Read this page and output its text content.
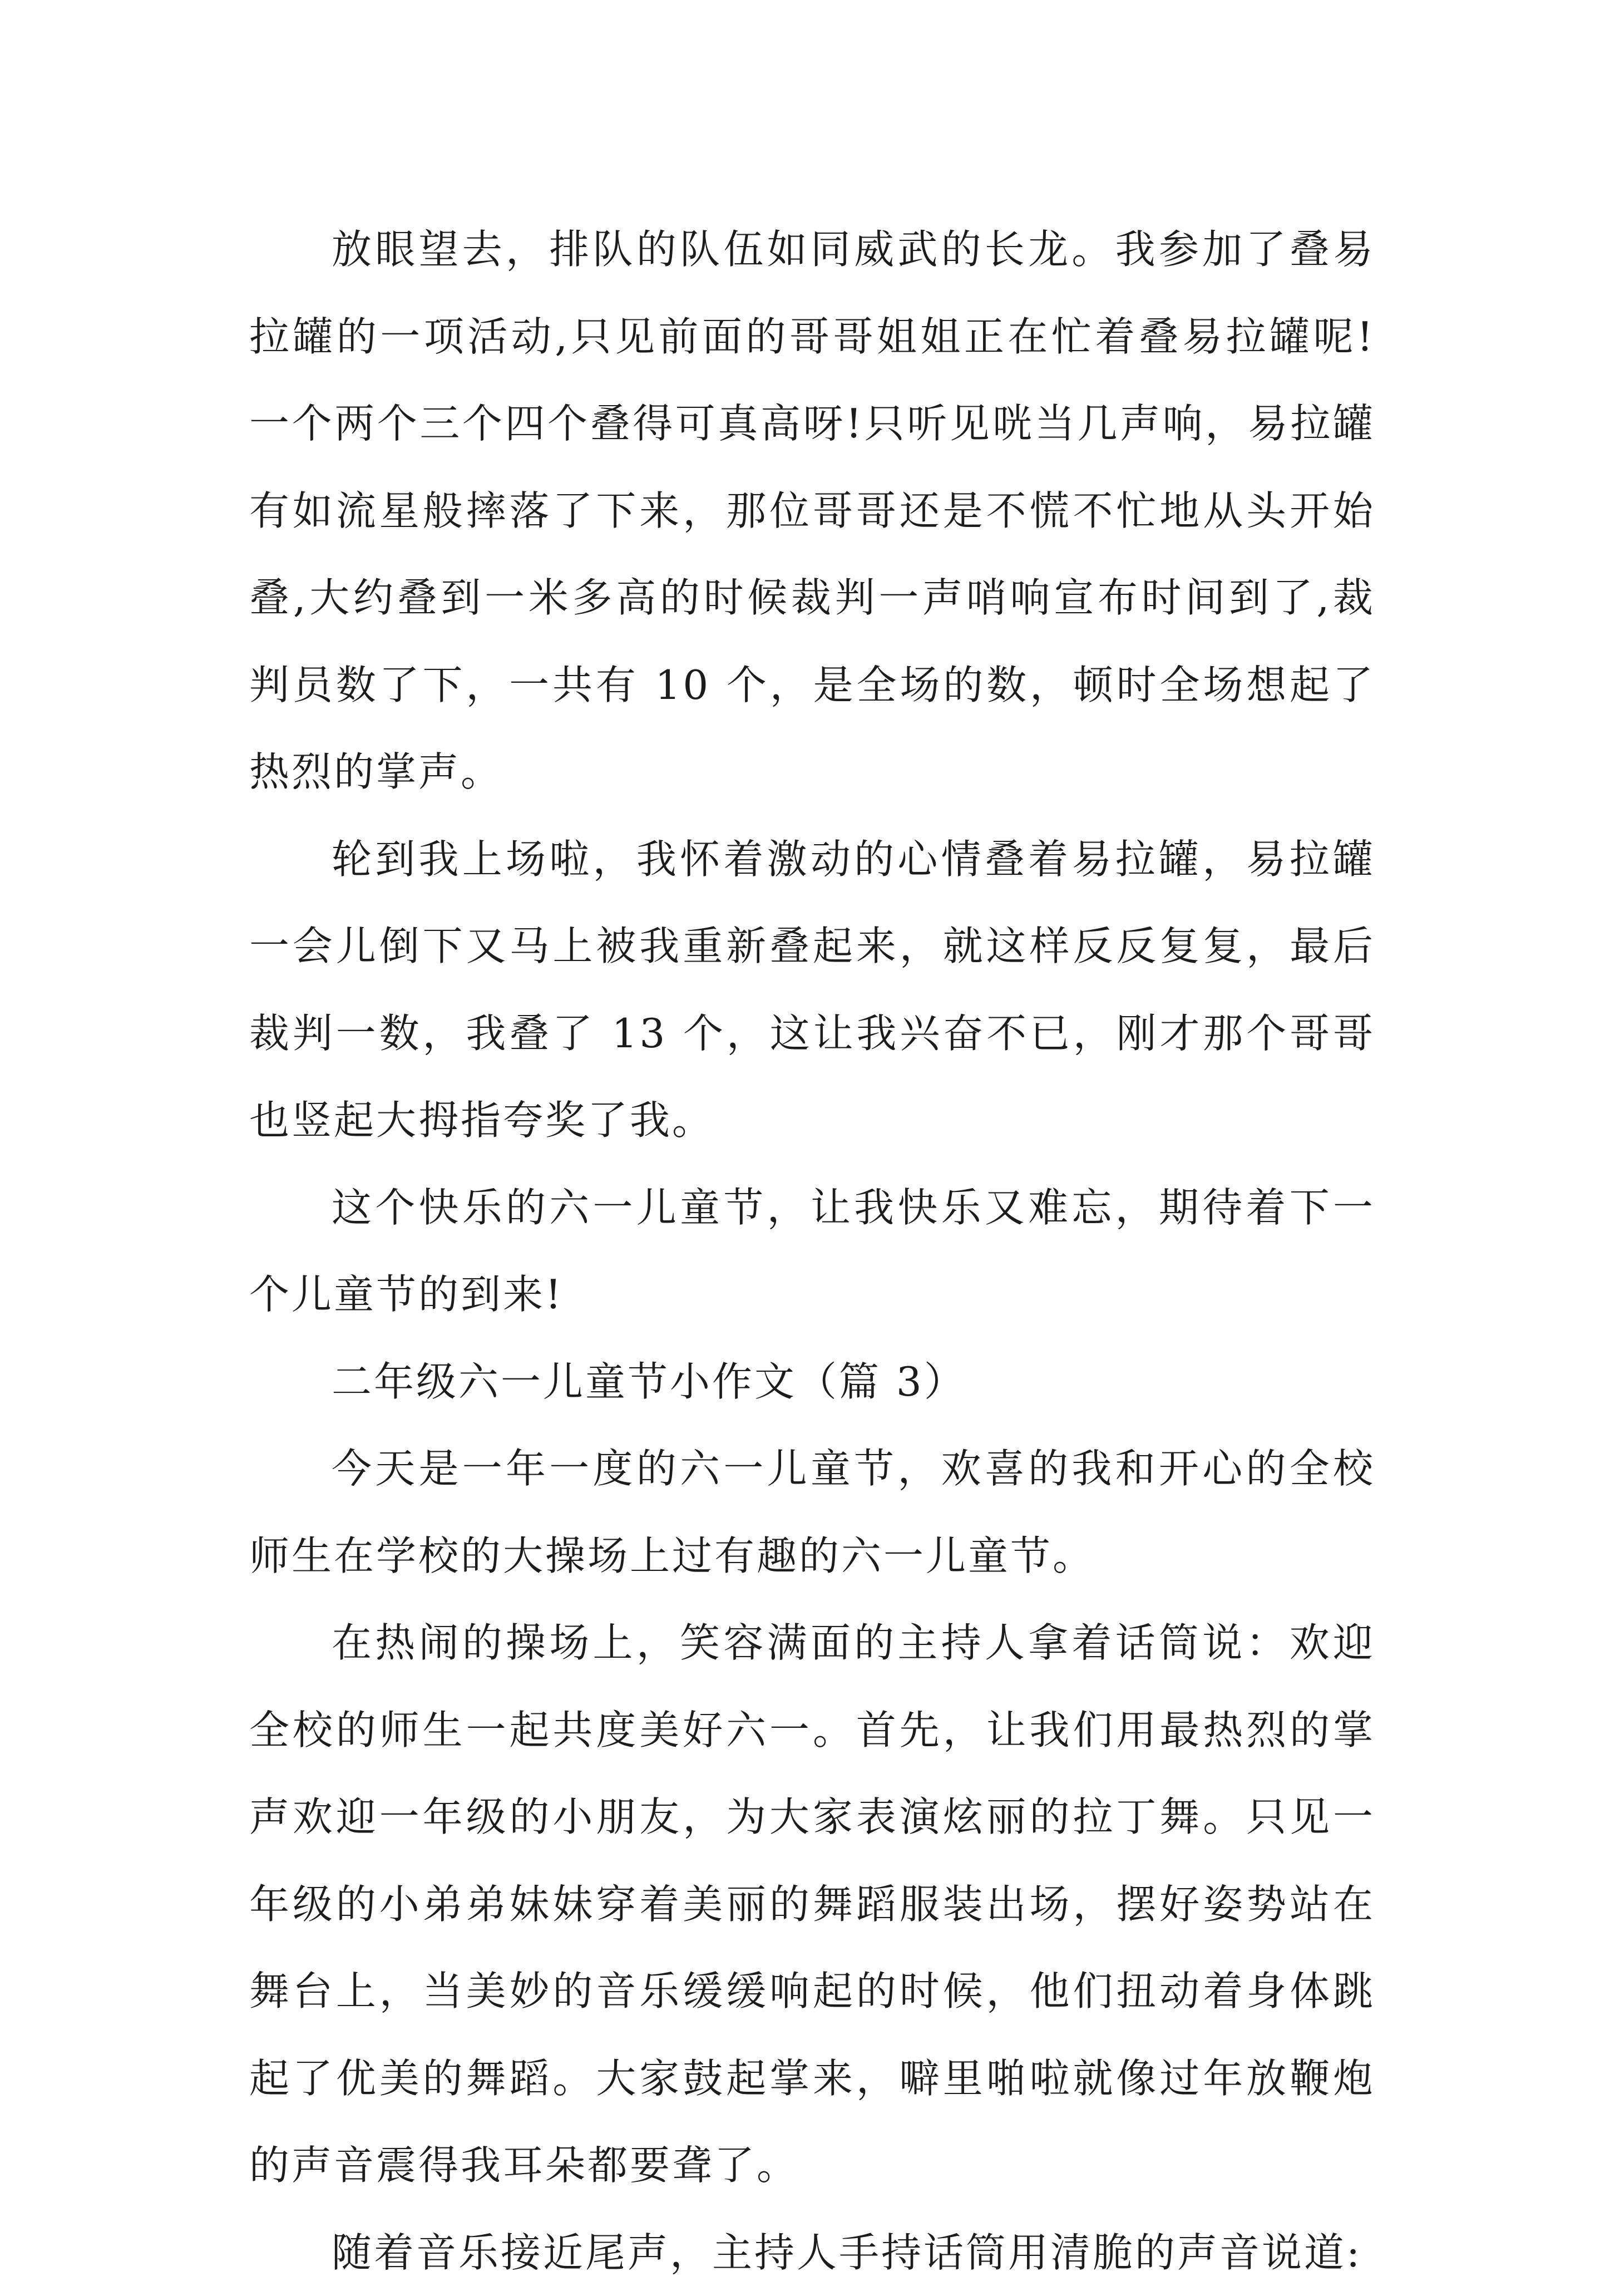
放眼望去，排队的队伍如同威武的长龙。我参加了叠易拉罐的一项活动,只见前面的哥哥姐姐正在忙着叠易拉罐呢!一个两个三个四个叠得可真高呀!只听见咣当几声响，易拉罐有如流星般摔落了下来，那位哥哥还是不慌不忙地从头开始叠,大约叠到一米多高的时候裁判一声哨响宣布时间到了,裁判员数了下，一共有 10 个，是全场的数，顿时全场想起了热烈的掌声。

轮到我上场啦，我怀着激动的心情叠着易拉罐，易拉罐一会儿倒下又马上被我重新叠起来，就这样反反复复，最后裁判一数，我叠了 13 个，这让我兴奋不已，刚才那个哥哥也竖起大拇指夸奖了我。

这个快乐的六一儿童节，让我快乐又难忘，期待着下一个儿童节的到来!

二年级六一儿童节小作文（篇 3）

今天是一年一度的六一儿童节，欢喜的我和开心的全校师生在学校的大操场上过有趣的六一儿童节。

在热闹的操场上，笑容满面的主持人拿着话筒说：欢迎全校的师生一起共度美好六一。首先，让我们用最热烈的掌声欢迎一年级的小朋友，为大家表演炫丽的拉丁舞。只见一年级的小弟弟妹妹穿着美丽的舞蹈服装出场，摆好姿势站在舞台上，当美妙的音乐缓缓响起的时候，他们扭动着身体跳起了优美的舞蹈。大家鼓起掌来，噼里啪啦就像过年放鞭炮的声音震得我耳朵都要聋了。

随着音乐接近尾声，主持人手持话筒用清脆的声音说道:
